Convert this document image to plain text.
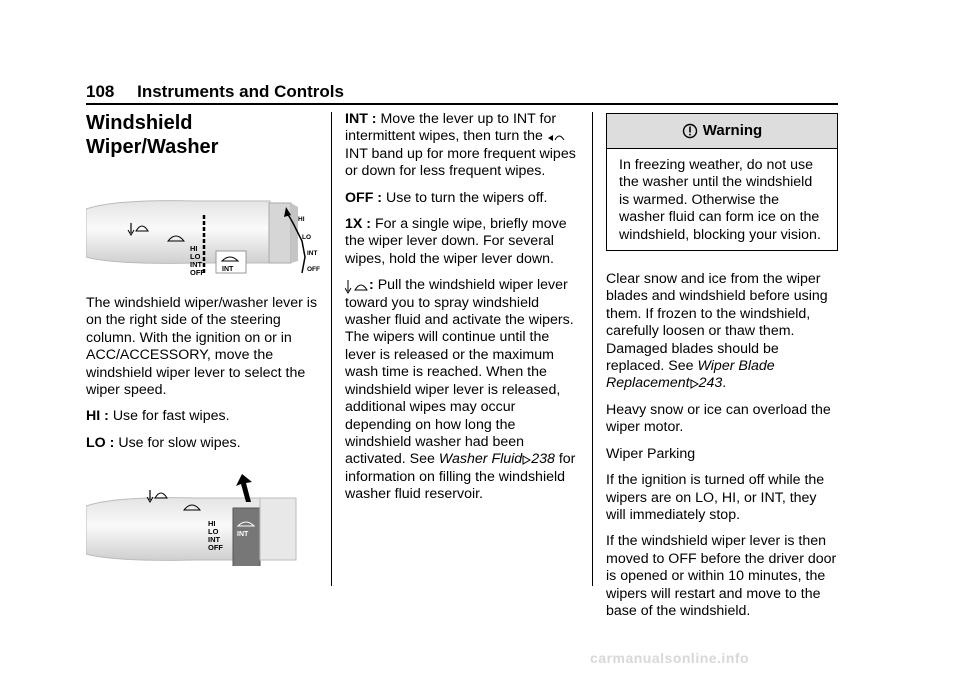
108 Instruments and Controls
Windshield Wiper/Washer
HI
LO
INT
OFF INT
HI
LO
INT
OFF

The windshield wiper/washer lever is on the right side of the steering column. With the ignition on or in ACC/ACCESSORY, move the windshield wiper lever to select the wiper speed.

HI : Use for fast wipes.

LO : Use for slow wipes.

HI
LO
INT
OFF
INT

INT : Move the lever up to INT for intermittent wipes, then turn the  INT band up for more frequent wipes or down for less frequent wipes.

OFF : Use to turn the wipers off.

1X : For a single wipe, briefly move the wiper lever down. For several wipes, hold the wiper lever down.

: Pull the windshield wiper lever toward you to spray windshield washer fluid and activate the wipers. The wipers will continue until the lever is released or the maximum wash time is reached. When the windshield wiper lever is released, additional wipes may occur depending on how long the windshield washer had been activated. See Washer Fluid 238 for information on filling the windshield washer fluid reservoir.

Warning
In freezing weather, do not use the washer until the windshield is warmed. Otherwise the washer fluid can form ice on the windshield, blocking your vision.

Clear snow and ice from the wiper blades and windshield before using them. If frozen to the windshield, carefully loosen or thaw them. Damaged blades should be replaced. See Wiper Blade Replacement 243.

Heavy snow or ice can overload the wiper motor.

Wiper Parking

If the ignition is turned off while the wipers are on LO, HI, or INT, they will immediately stop.

If the windshield wiper lever is then moved to OFF before the driver door is opened or within 10 minutes, the wipers will restart and move to the base of the windshield.

carmanualsonline.info
